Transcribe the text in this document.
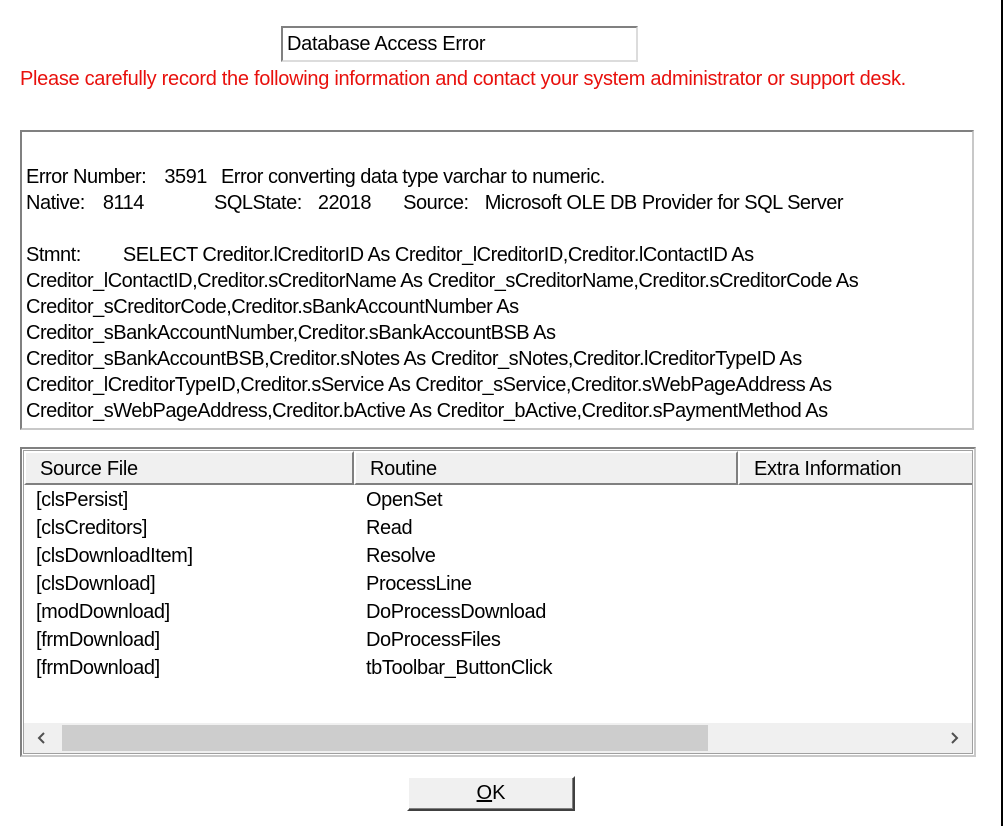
Database Access Error
Please carefully record the following information and contact your system administrator or support desk.
Error Number: 3591 Error converting data type varchar to numeric.
Native: 8114	SQLState: 22018 Source: Microsoft OLE DB Provider for SQL Server
Stmnt: SELECT Creditor.lCreditorID As Creditor_lCreditorID,Creditor.lContactID As
Creditor_lContactID,Creditor.sCreditorName As Creditor_sCreditorName,Creditor.sCreditorCode As
Creditor_sCreditorCode,Creditor.sBankAccountNumber As
Creditor_sBankAccountNumber,Creditor.sBankAccountBSB As
Creditor_sBankAccountBSB,Creditor.sNotes As Creditor_sNotes,Creditor.lCreditorTypeID As
Creditor_lCreditorTypeID,Creditor.sService As Creditor_sService,Creditor.sWebPageAddress As
Creditor_sWebPageAddress,Creditor.bActive As Creditor_bActive,Creditor.sPaymentMethod As
Source File	Routine	Extra Information
[clsPersist]	OpenSet
[clsCreditors]	Read
[clsDownloadItem]	Resolve
[clsDownload]	ProcessLine
[modDownload]	DoProcessDownload
[frmDownload]	DoProcessFiles
[frmDownload]	tbToolbar_ButtonClick
OK
